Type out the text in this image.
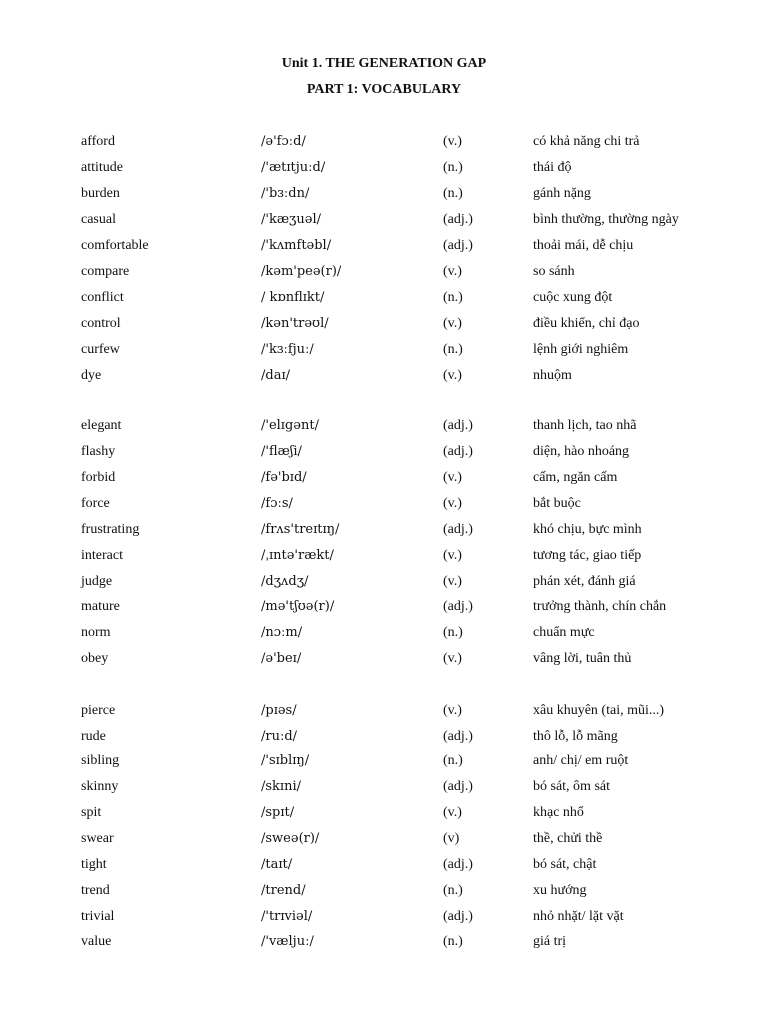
Unit 1. THE GENERATION GAP
PART 1: VOCABULARY
afford	/ə'fɔːd/	(v.)	có khả năng chi trả
attitude	/'ætɪtjuːd/	(n.)	thái độ
burden	/'bɜːdn/	(n.)	gánh nặng
casual	/'kæʒuəl/	(adj.)	bình thường, thường ngày
comfortable	/'kʌmftəbl/	(adj.)	thoải mái, dễ chịu
compare	/kəm'peə(r)/	(v.)	so sánh
conflict	/ kɒnflɪkt/	(n.)	cuộc xung đột
control	/kən'trəʊl/	(v.)	điều khiển, chỉ đạo
curfew	/'kɜːfjuː/	(n.)	lệnh giới nghiêm
dye	/daɪ/	(v.)	nhuộm
elegant	/'elɪgənt/	(adj.)	thanh lịch, tao nhã
flashy	/'flæʃi/	(adj.)	diện, hào nhoáng
forbid	/fə'bɪd/	(v.)	cấm, ngăn cấm
force	/fɔːs/	(v.)	bắt buộc
frustrating	/frʌs'treɪtɪŋ/	(adj.)	khó chịu, bực mình
interact	/ˌɪntə'rækt/	(v.)	tương tác, giao tiếp
judge	/dʒʌdʒ/	(v.)	phán xét, đánh giá
mature	/mə'tʃʊə(r)/	(adj.)	trưởng thành, chín chắn
norm	/nɔːm/	(n.)	chuẩn mực
obey	/ə'beɪ/	(v.)	vâng lời, tuân thủ
pierce	/pɪəs/	(v.)	xâu khuyên (tai, mũi...)
rude	/ruːd/	(adj.)	thô lỗ, lỗ mãng
sibling	/'sɪblɪŋ/	(n.)	anh/ chị/ em ruột
skinny	/skɪni/	(adj.)	bó sát, ôm sát
spit	/spɪt/	(v.)	khạc nhổ
swear	/sweə(r)/	(v)	thề, chửi thề
tight	/taɪt/	(adj.)	bó sát, chật
trend	/trend/	(n.)	xu hướng
trivial	/'trɪviəl/	(adj.)	nhỏ nhặt/ lặt vặt
value	/'væljuː/	(n.)	giá trị
